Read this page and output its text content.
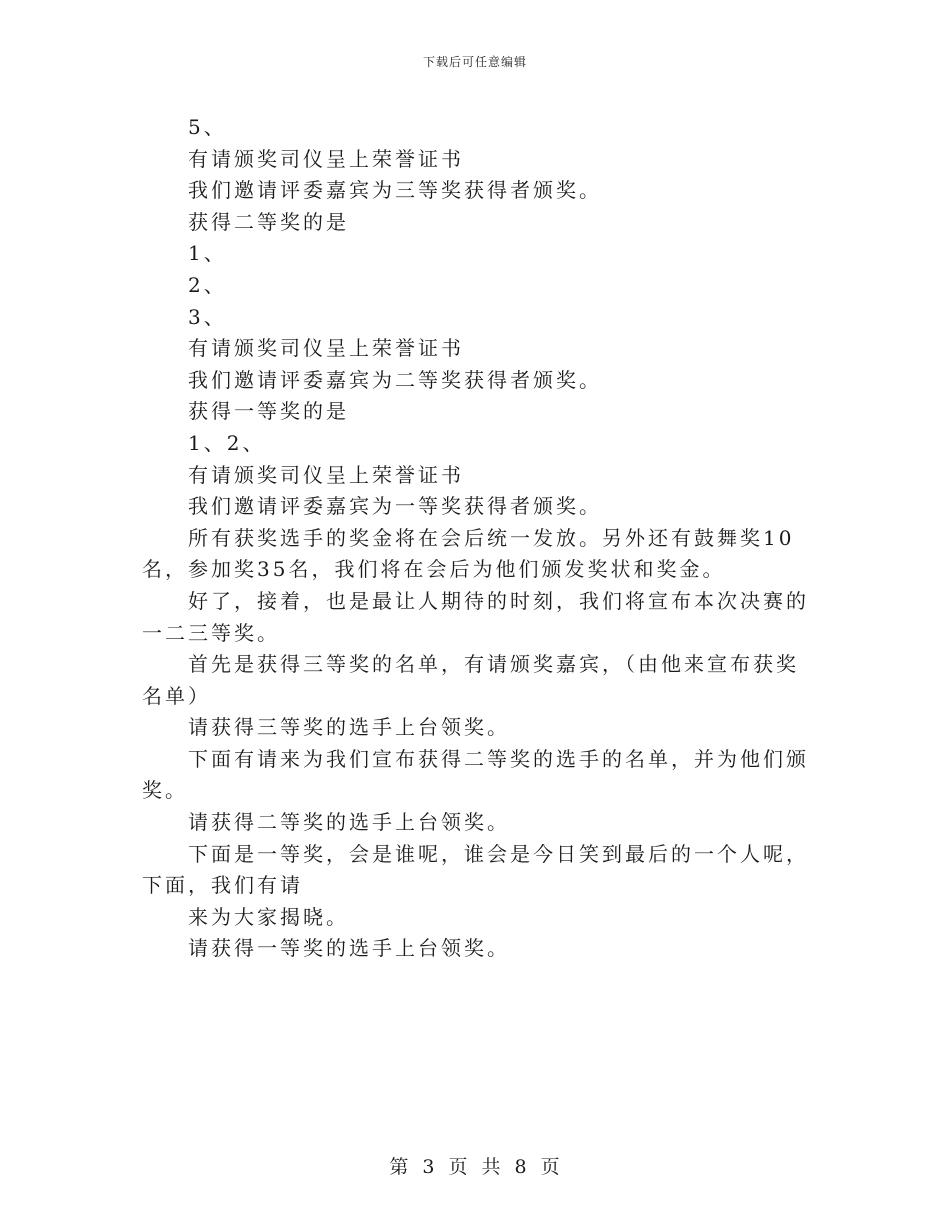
下载后可任意编辑

5、

有请颁奖司仪呈上荣誉证书

我们邀请评委嘉宾为三等奖获得者颁奖。

获得二等奖的是

1、

2、

3、

有请颁奖司仪呈上荣誉证书

我们邀请评委嘉宾为二等奖获得者颁奖。

获得一等奖的是

1、2、

有请颁奖司仪呈上荣誉证书

我们邀请评委嘉宾为一等奖获得者颁奖。

所有获奖选手的奖金将在会后统一发放。另外还有鼓舞奖10名，参加奖35名，我们将在会后为他们颁发奖状和奖金。

好了，接着，也是最让人期待的时刻，我们将宣布本次决赛的一二三等奖。

首先是获得三等奖的名单，有请颁奖嘉宾，（由他来宣布获奖名单）

请获得三等奖的选手上台领奖。

下面有请来为我们宣布获得二等奖的选手的名单，并为他们颁奖。

请获得二等奖的选手上台领奖。

下面是一等奖，会是谁呢，谁会是今日笑到最后的一个人呢，下面，我们有请

来为大家揭晓。

请获得一等奖的选手上台领奖。

第 3 页 共 8 页
